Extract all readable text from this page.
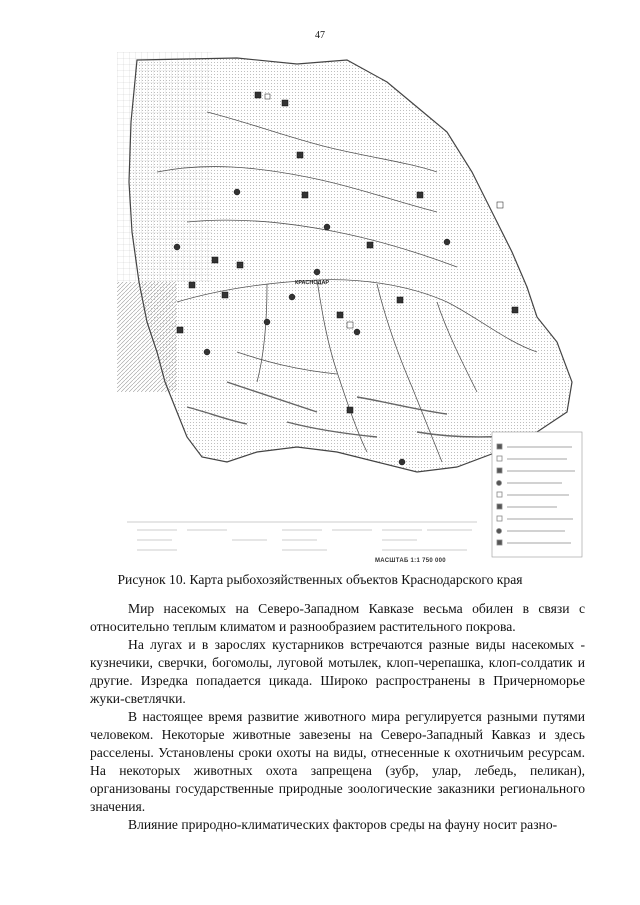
47
КРАСНОДАР
МАСШТАБ 1:1 750 000
Рисунок 10. Карта рыбохозяйственных объектов Краснодарского края

Мир насекомых на Северо-Западном Кавказе весьма обилен в связи с относительно теплым климатом и разнообразием растительного покрова.

На лугах и в зарослях кустарников встречаются разные виды насекомых - кузнечики, сверчки, богомолы, луговой мотылек, клоп-черепашка, клоп-солдатик и другие. Изредка попадается цикада. Широко распространены в Причерноморье жуки-светлячки.

В настоящее время развитие животного мира регулируется разными путями человеком. Некоторые животные завезены на Северо-Западный Кавказ и здесь расселены. Установлены сроки охоты на виды, отнесенные к охотничьим ресурсам. На некоторых животных охота запрещена (зубр, улар, лебедь, пеликан), организованы государственные природные зоологические заказники регионального значения.

Влияние природно-климатических факторов среды на фауну носит разно-
